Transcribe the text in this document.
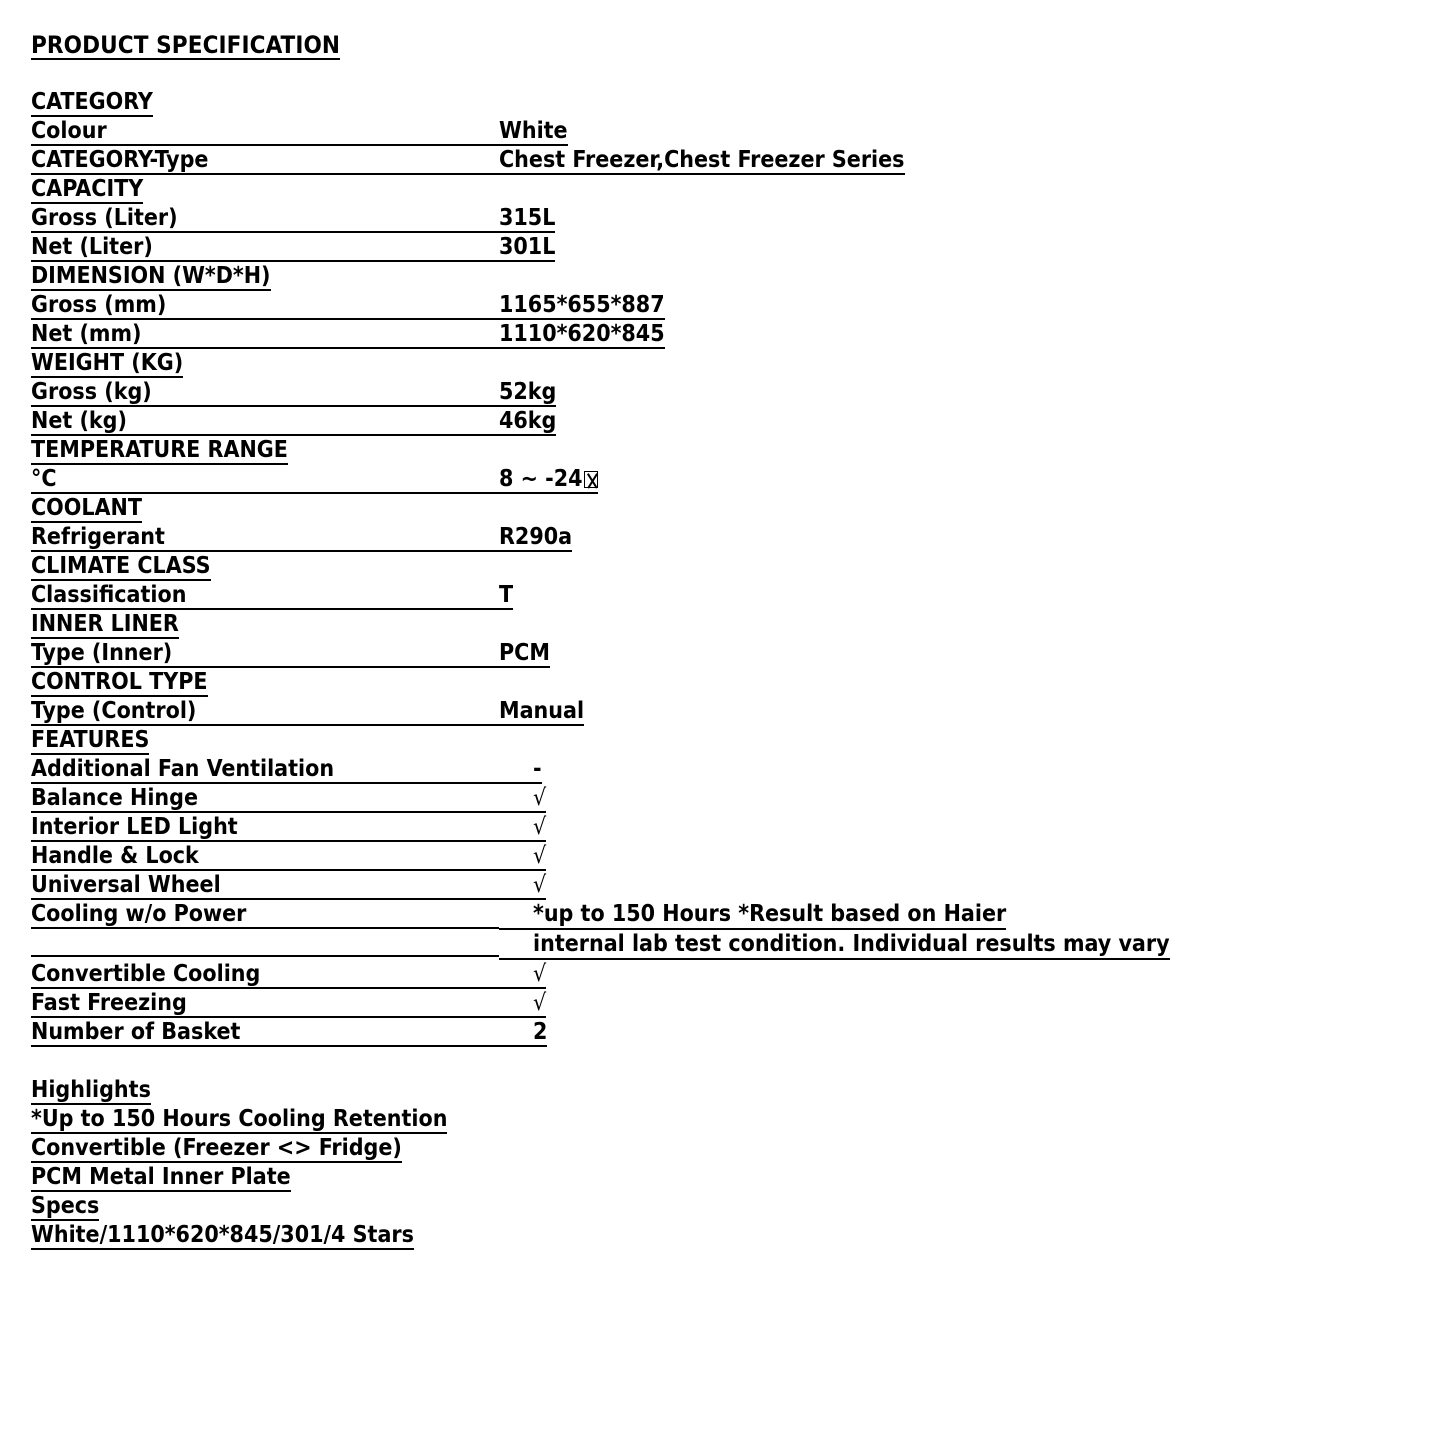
PRODUCT SPECIFICATION
CATEGORY	

Colour	White

CATEGORY-Type	Chest Freezer,Chest Freezer Series

CAPACITY	

Gross (Liter)	315L

Net (Liter)	301L

DIMENSION (W*D*H)	

Gross (mm)	1165*655*887

Net (mm)	1110*620*845

WEIGHT (KG)	

Gross (kg)	52kg

Net (kg)	46kg

TEMPERATURE RANGE	

°C	8 ~ -24

COOLANT	

Refrigerant	R290a

CLIMATE CLASS	

Classification	T

INNER LINER	

Type (Inner)	PCM

CONTROL TYPE	

Type (Control)	Manual

FEATURES	

Additional Fan Ventilation	-

Balance Hinge	√

Interior LED Light	√

Handle & Lock	√

Universal Wheel	√

Cooling w/o Power	*up to 150 Hours *Result based on Haier
internal lab test condition. Individual results may vary

Convertible Cooling	√

Fast Freezing	√

Number of Basket	2
Highlights
*Up to 150 Hours Cooling Retention
Convertible (Freezer <> Fridge)
PCM Metal Inner Plate
Specs
White/1110*620*845/301/4 Stars
